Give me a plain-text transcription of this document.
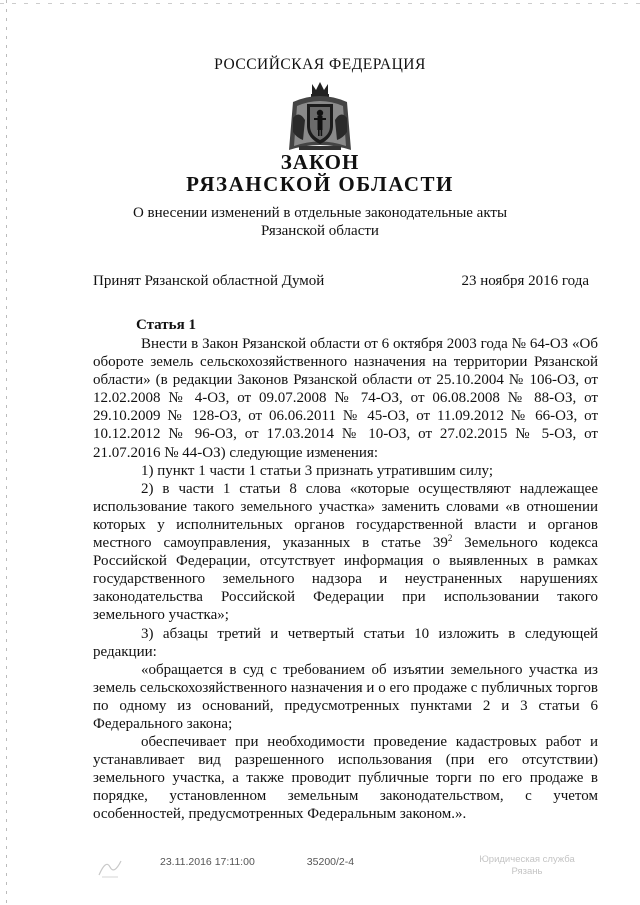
РОССИЙСКАЯ ФЕДЕРАЦИЯ
ЗАКОН
РЯЗАНСКОЙ ОБЛАСТИ
О внесении изменений в отдельные законодательные акты
Рязанской области
Принят Рязанской областной Думой	23 ноября 2016 года
Статья 1

Внести в Закон Рязанской области от 6 октября 2003 года № 64-ОЗ «Об обороте земель сельскохозяйственного назначения на территории Рязанской области» (в редакции Законов Рязанской области от 25.10.2004 № 106-ОЗ, от 12.02.2008 № 4-ОЗ, от 09.07.2008 № 74-ОЗ, от 06.08.2008 № 88-ОЗ, от 29.10.2009 № 128-ОЗ, от 06.06.2011 № 45-ОЗ, от 11.09.2012 № 66-ОЗ, от 10.12.2012 № 96-ОЗ, от 17.03.2014 № 10-ОЗ, от 27.02.2015 № 5-ОЗ, от 21.07.2016 № 44-ОЗ) следующие изменения:

1) пункт 1 части 1 статьи 3 признать утратившим силу;

2) в части 1 статьи 8 слова «которые осуществляют надлежащее использование такого земельного участка» заменить словами «в отношении которых у исполнительных органов государственной власти и органов местного самоуправления, указанных в статье $39^2$ Земельного кодекса Российской Федерации, отсутствует информация о выявленных в рамках государственного земельного надзора и неустраненных нарушениях законодательства Российской Федерации при использовании такого земельного участка»;

3) абзацы третий и четвертый статьи 10 изложить в следующей редакции:

«обращается в суд с требованием об изъятии земельного участка из земель сельскохозяйственного назначения и о его продаже с публичных торгов по одному из оснований, предусмотренных пунктами 2 и 3 статьи 6 Федерального закона;

обеспечивает при необходимости проведение кадастровых работ и устанавливает вид разрешенного использования (при его отсутствии) земельного участка, а также проводит публичные торги по его продаже в порядке, установленном земельным законодательством, с учетом особенностей, предусмотренных Федеральным законом.».

23.11.2016 17:11:00	35200/2-4	Юридическая служба
Рязань
